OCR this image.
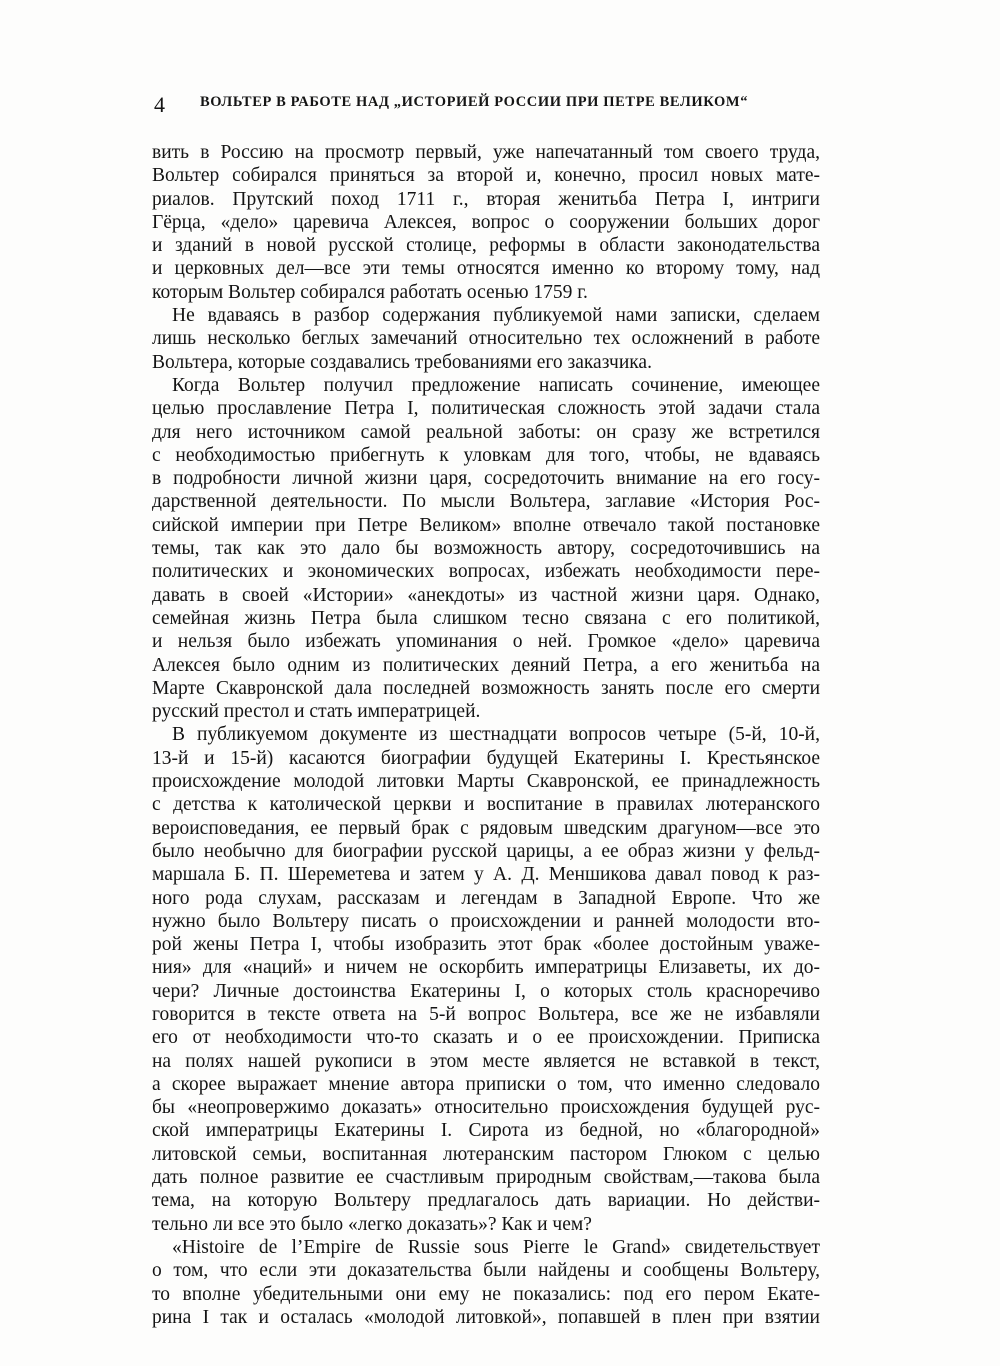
4 ВОЛЬТЕР В РАБОТЕ НАД „ИСТОРИЕЙ РОССИИ ПРИ ПЕТРЕ ВЕЛИКОМ“
вить в Россию на просмотр первый, уже напечатанный том своего труда,
Вольтер собирался приняться за второй и, конечно, просил новых мате-
риалов. Прутский поход 1711 г., вторая женитьба Петра I, интриги
Гёрца, «дело» царевича Алексея, вопрос о сооружении больших дорог
и зданий в новой русской столице, реформы в области законодательства
и церковных дел—все эти темы относятся именно ко второму тому, над
которым Вольтер собирался работать осенью 1759 г.
Не вдаваясь в разбор содержания публикуемой нами записки, сделаем
лишь несколько беглых замечаний относительно тех осложнений в работе
Вольтера, которые создавались требованиями его заказчика.
Когда Вольтер получил предложение написать сочинение, имеющее
целью прославление Петра I, политическая сложность этой задачи стала
для него источником самой реальной заботы: он сразу же встретился
с необходимостью прибегнуть к уловкам для того, чтобы, не вдаваясь
в подробности личной жизни царя, сосредоточить внимание на его госу-
дарственной деятельности. По мысли Вольтера, заглавие «История Рос-
сийской империи при Петре Великом» вполне отвечало такой постановке
темы, так как это дало бы возможность автору, сосредоточившись на
политических и экономических вопросах, избежать необходимости пере-
давать в своей «Истории» «анекдоты» из частной жизни царя. Однако,
семейная жизнь Петра была слишком тесно связана с его политикой,
и нельзя было избежать упоминания о ней. Громкое «дело» царевича
Алексея было одним из политических деяний Петра, а его женитьба на
Марте Скавронской дала последней возможность занять после его смерти
русский престол и стать императрицей.
В публикуемом документе из шестнадцати вопросов четыре (5-й, 10-й,
13-й и 15-й) касаются биографии будущей Екатерины I. Крестьянское
происхождение молодой литовки Марты Скавронской, ее принадлежность
с детства к католической церкви и воспитание в правилах лютеранского
вероисповедания, ее первый брак с рядовым шведским драгуном—все это
было необычно для биографии русской царицы, а ее образ жизни у фельд-
маршала Б. П. Шереметева и затем у А. Д. Меншикова давал повод к раз-
ного рода слухам, рассказам и легендам в Западной Европе. Что же
нужно было Вольтеру писать о происхождении и ранней молодости вто-
рой жены Петра I, чтобы изобразить этот брак «более достойным уваже-
ния» для «наций» и ничем не оскорбить императрицы Елизаветы, их до-
чери? Личные достоинства Екатерины I, о которых столь красноречиво
говорится в тексте ответа на 5-й вопрос Вольтера, все же не избавляли
его от необходимости что-то сказать и о ее происхождении. Приписка
на полях нашей рукописи в этом месте является не вставкой в текст,
а скорее выражает мнение автора приписки о том, что именно следовало
бы «неопровержимо доказать» относительно происхождения будущей рус-
ской императрицы Екатерины I. Сирота из бедной, но «благородной»
литовской семьи, воспитанная лютеранским пастором Глюком с целью
дать полное развитие ее счастливым природным свойствам,—такова была
тема, на которую Вольтеру предлагалось дать вариации. Но действи-
тельно ли все это было «легко доказать»? Как и чем?
«Histoire de l’Empire de Russie sous Pierre le Grand» свидетельствует
о том, что если эти доказательства были найдены и сообщены Вольтеру,
то вполне убедительными они ему не показались: под его пером Екате-
рина I так и осталась «молодой литовкой», попавшей в плен при взятии
